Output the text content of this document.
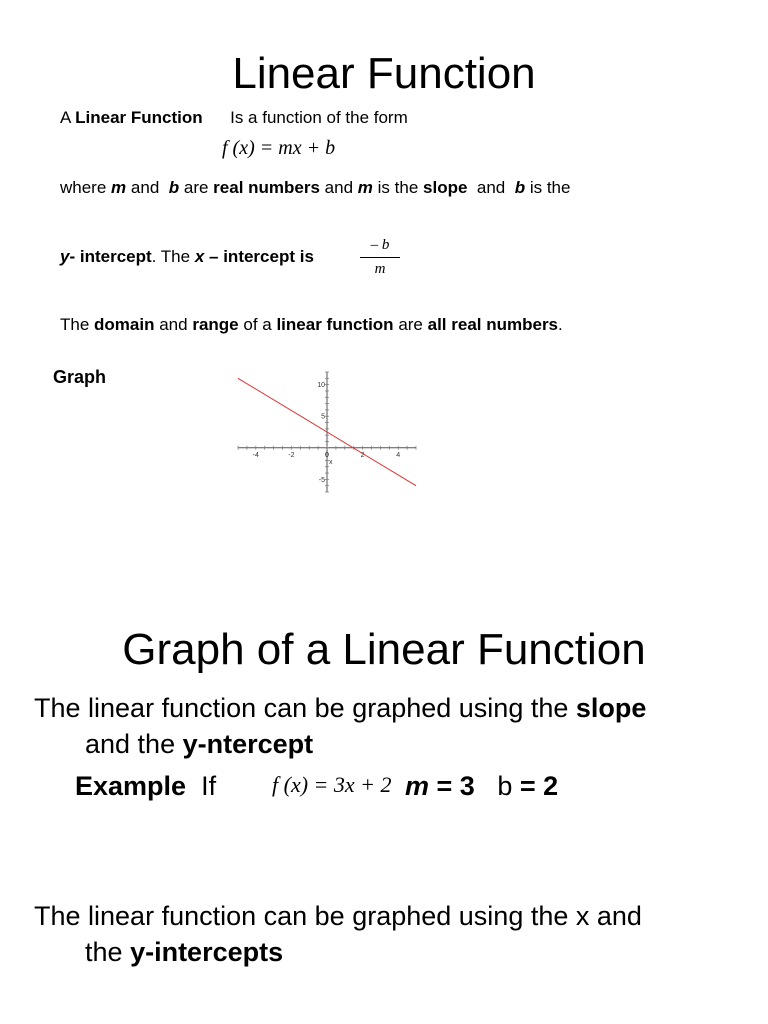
Linear Function
A Linear Function Is a function of the form
f (x) = mx + b
where m and b are real numbers and m is the slope and b is the
y- intercept. The x – intercept is
– b
m
The domain and range of a linear function are all real numbers.
Graph
-4	-2	0	2	4
-5
5
10
x
Graph of a Linear Function
The linear function can be graphed using the slope
and the y-ntercept
Example If	f (x) = 3x + 2 m = 3 b = 2
The linear function can be graphed using the x and
the y-intercepts
